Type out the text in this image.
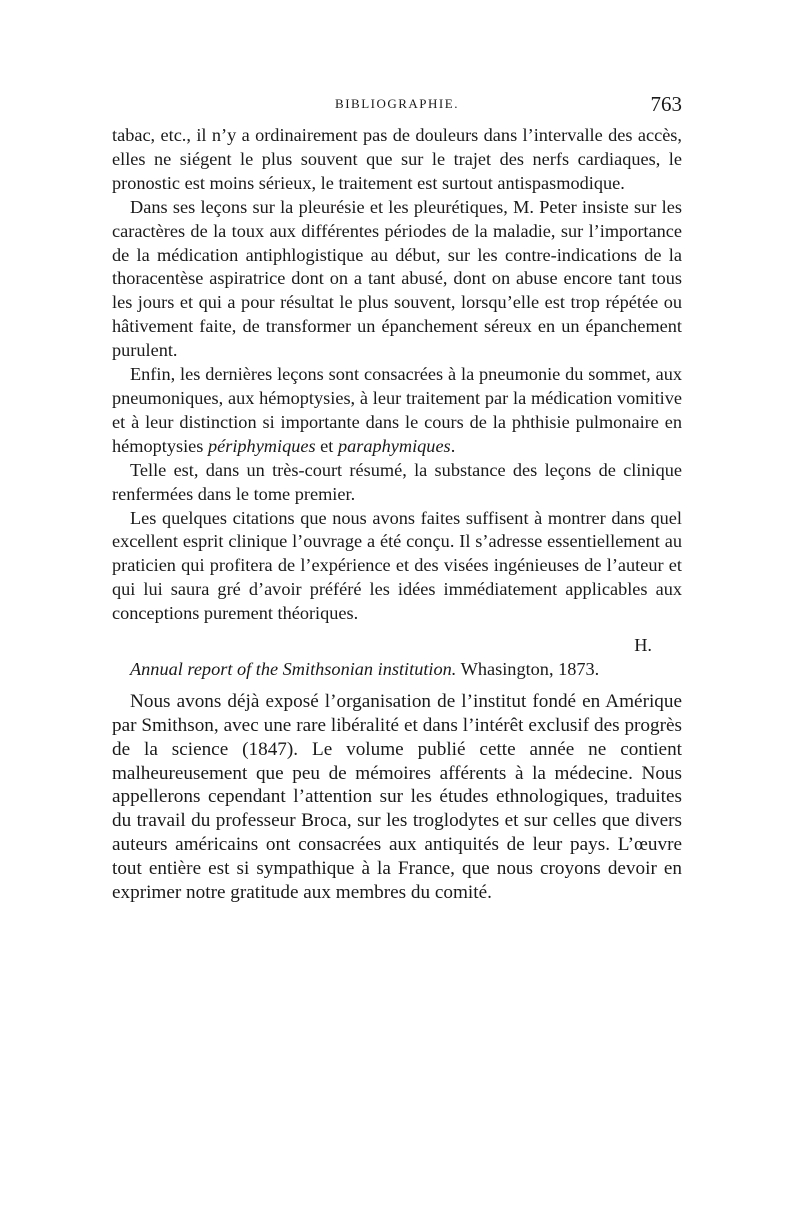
BIBLIOGRAPHIE.	763

tabac, etc., il n’y a ordinairement pas de douleurs dans l’intervalle des accès, elles ne siégent le plus souvent que sur le trajet des nerfs cardiaques, le pronostic est moins sérieux, le traitement est surtout antispasmodique.

Dans ses leçons sur la pleurésie et les pleurétiques, M. Peter insiste sur les caractères de la toux aux différentes périodes de la maladie, sur l’importance de la médication antiphlogistique au début, sur les contre-indications de la thoracentèse aspiratrice dont on a tant abusé, dont on abuse encore tant tous les jours et qui a pour résultat le plus souvent, lorsqu’elle est trop répétée ou hâtivement faite, de transformer un épanchement séreux en un épanchement purulent.

Enfin, les dernières leçons sont consacrées à la pneumonie du sommet, aux pneumoniques, aux hémoptysies, à leur traitement par la médication vomitive et à leur distinction si importante dans le cours de la phthisie pulmonaire en hémoptysies périphymiques et paraphymiques.

Telle est, dans un très-court résumé, la substance des leçons de clinique renfermées dans le tome premier.

Les quelques citations que nous avons faites suffisent à montrer dans quel excellent esprit clinique l’ouvrage a été conçu. Il s’adresse essentiellement au praticien qui profitera de l’expérience et des visées ingénieuses de l’auteur et qui lui saura gré d’avoir préféré les idées immédiatement applicables aux conceptions purement théoriques.

H.

Annual report of the Smithsonian institution. Whasington, 1873.

Nous avons déjà exposé l’organisation de l’institut fondé en Amérique par Smithson, avec une rare libéralité et dans l’intérêt exclusif des progrès de la science (1847). Le volume publié cette année ne contient malheureusement que peu de mémoires afférents à la médecine. Nous appellerons cependant l’attention sur les études ethnologiques, traduites du travail du professeur Broca, sur les troglodytes et sur celles que divers auteurs américains ont consacrées aux antiquités de leur pays. L’œuvre tout entière est si sympathique à la France, que nous croyons devoir en exprimer notre gratitude aux membres du comité.
